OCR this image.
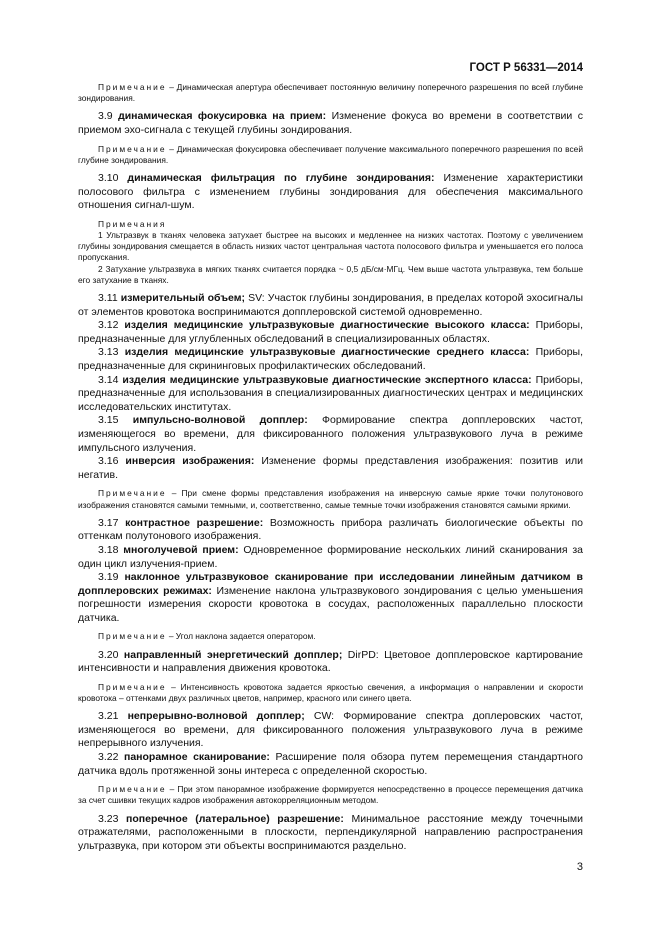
ГОСТ Р 56331—2014

Примечание – Динамическая апертура обеспечивает постоянную величину поперечного разрешения по всей глубине зондирования.

3.9 динамическая фокусировка на прием: Изменение фокуса во времени в соответствии с приемом эхо-сигнала с текущей глубины зондирования.

Примечание – Динамическая фокусировка обеспечивает получение максимального поперечного разрешения по всей глубине зондирования.

3.10 динамическая фильтрация по глубине зондирования: Изменение характеристики полосового фильтра с изменением глубины зондирования для обеспечения максимального отношения сигнал-шум.

Примечания

1 Ультразвук в тканях человека затухает быстрее на высоких и медленнее на низких частотах. Поэтому с увеличением глубины зондирования смещается в область низких частот центральная частота полосового фильтра и уменьшается его полоса пропускания.

2 Затухание ультразвука в мягких тканях считается порядка ~ 0,5 дБ/см·МГц. Чем выше частота ультразвука, тем больше его затухание в тканях.

3.11 измерительный объем; SV: Участок глубины зондирования, в пределах которой эхосигналы от элементов кровотока воспринимаются допплеровской системой одновременно.

3.12 изделия медицинские ультразвуковые диагностические высокого класса: Приборы, предназначенные для углубленных обследований в специализированных областях.

3.13 изделия медицинские ультразвуковые диагностические среднего класса: Приборы, предназначенные для скрининговых профилактических обследований.

3.14 изделия медицинские ультразвуковые диагностические экспертного класса: Приборы, предназначенные для использования в специализированных диагностических центрах и медицинских исследовательских институтах.

3.15 импульсно-волновой допплер: Формирование спектра допплеровских частот, изменяющегося во времени, для фиксированного положения ультразвукового луча в режиме импульсного излучения.

3.16 инверсия изображения: Изменение формы представления изображения: позитив или негатив.

Примечание – При смене формы представления изображения на инверсную самые яркие точки полутонового изображения становятся самыми темными, и, соответственно, самые темные точки изображения становятся самыми яркими.

3.17 контрастное разрешение: Возможность прибора различать биологические объекты по оттенкам полутонового изображения.

3.18 многолучевой прием: Одновременное формирование нескольких линий сканирования за один цикл излучения-прием.

3.19 наклонное ультразвуковое сканирование при исследовании линейным датчиком в допплеровских режимах: Изменение наклона ультразвукового зондирования с целью уменьшения погрешности измерения скорости кровотока в сосудах, расположенных параллельно плоскости датчика.

Примечание – Угол наклона задается оператором.

3.20 направленный энергетический допплер; DirPD: Цветовое допплеровское картирование интенсивности и направления движения кровотока.

Примечание – Интенсивность кровотока задается яркостью свечения, а информация о направлении и скорости кровотока – оттенками двух различных цветов, например, красного или синего цвета.

3.21 непрерывно-волновой допплер; CW: Формирование спектра доплеровских частот, изменяющегося во времени, для фиксированного положения ультразвукового луча в режиме непрерывного излучения.

3.22 панорамное сканирование: Расширение поля обзора путем перемещения стандартного датчика вдоль протяженной зоны интереса с определенной скоростью.

Примечание – При этом панорамное изображение формируется непосредственно в процессе перемещения датчика за счет сшивки текущих кадров изображения автокорреляционным методом.

3.23 поперечное (латеральное) разрешение: Минимальное расстояние между точечными отражателями, расположенными в плоскости, перпендикулярной направлению распространения ультразвука, при котором эти объекты воспринимаются раздельно.

3
